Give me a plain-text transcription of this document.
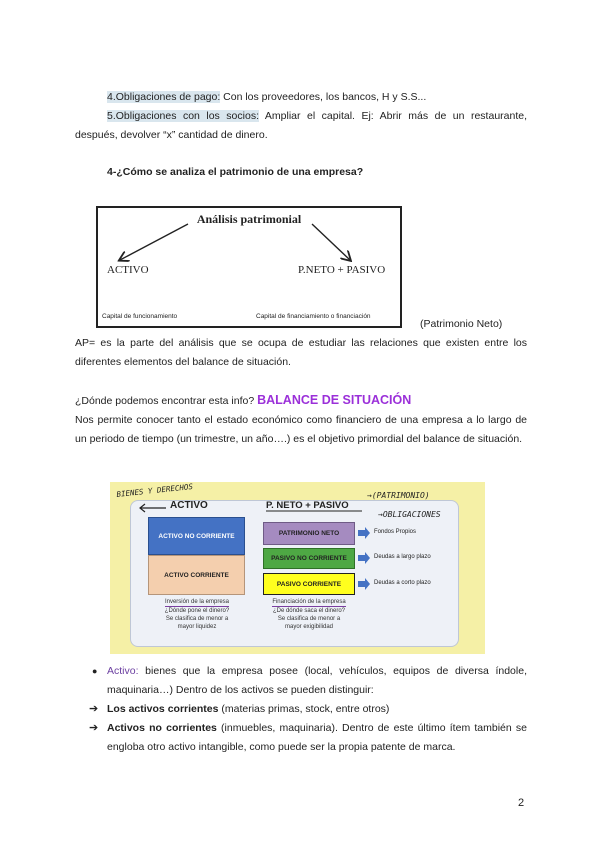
4.Obligaciones de pago: Con los proveedores, los bancos, H y S.S...
5.Obligaciones con los socios: Ampliar el capital. Ej: Abrir más de un restaurante, después, devolver “x” cantidad de dinero.
4-¿Cómo se analiza el patrimonio de una empresa?
Análisis patrimonial
ACTIVO	P.NETO + PASIVO
Capital de funcionamiento	Capital de financiamiento o financiación
(Patrimonio Neto)
AP= es la parte del análisis que se ocupa de estudiar las relaciones que existen entre los diferentes elementos del balance de situación.
¿Dónde podemos encontrar esta info? BALANCE DE SITUACIÓN
Nos permite conocer tanto el estado económico como financiero de una empresa a lo largo de un periodo de tiempo (un trimestre, un año….) es el objetivo primordial del balance de situación.
BIENES Y DERECHOS
ACTIVO	P. NETO + PASIVO
→(PATRIMONIO)
→OBLIGACIONES
ACTIVO NO CORRIENTE
ACTIVO CORRIENTE
PATRIMONIO NETO
PASIVO NO CORRIENTE
PASIVO CORRIENTE
Fondos Propios
Deudas a largo plazo
Deudas a corto plazo
Inversión de la empresa
¿Dónde pone el dinero?
Se clasifica de menor a
mayor liquidez
Financiación de la empresa
¿De dónde saca el dinero?
Se clasifica de menor a
mayor exigibilidad
● Activo: bienes que la empresa posee (local, vehículos, equipos de diversa índole, maquinaria…) Dentro de los activos se pueden distinguir:
➔ Los activos corrientes (materias primas, stock, entre otros)
➔ Activos no corrientes (inmuebles, maquinaria). Dentro de este último ítem también se engloba otro activo intangible, como puede ser la propia patente de marca.
2
